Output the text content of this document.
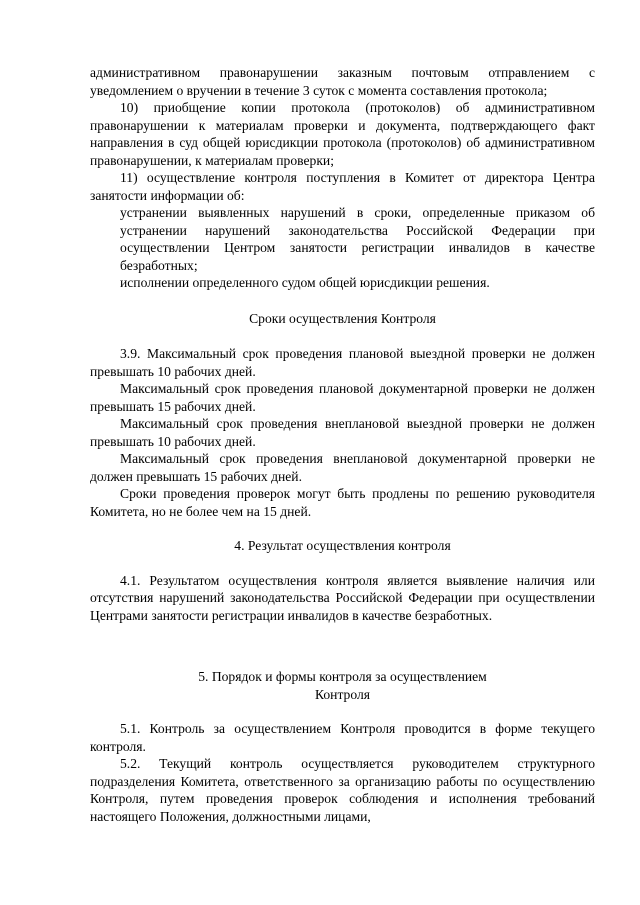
административном правонарушении заказным почтовым отправлением с уведомлением о вручении в течение 3 суток с момента составления протокола;

10) приобщение копии протокола (протоколов) об административном правонарушении к материалам проверки и документа, подтверждающего факт направления в суд общей юрисдикции протокола (протоколов) об административном правонарушении, к материалам проверки;

11) осуществление контроля поступления в Комитет от директора Центра занятости информации об:

устранении выявленных нарушений в сроки, определенные приказом об устранении нарушений законодательства Российской Федерации при осуществлении Центром занятости регистрации инвалидов в качестве безработных;

исполнении определенного судом общей юрисдикции решения.

Сроки осуществления Контроля

3.9. Максимальный срок проведения плановой выездной проверки не должен превышать 10 рабочих дней.

Максимальный срок проведения плановой документарной проверки не должен превышать 15 рабочих дней.

Максимальный срок проведения внеплановой выездной проверки не должен превышать 10 рабочих дней.

Максимальный срок проведения внеплановой документарной проверки не должен превышать 15 рабочих дней.

Сроки проведения проверок могут быть продлены по решению руководителя Комитета, но не более чем на 15 дней.

4. Результат осуществления контроля

4.1. Результатом осуществления контроля является выявление наличия или отсутствия нарушений законодательства Российской Федерации при осуществлении Центрами занятости регистрации инвалидов в качестве безработных.

5. Порядок и формы контроля за осуществлением
Контроля

5.1. Контроль за осуществлением Контроля проводится в форме текущего контроля.

5.2. Текущий контроль осуществляется руководителем структурного подразделения Комитета, ответственного за организацию работы по осуществлению Контроля, путем проведения проверок соблюдения и исполнения требований настоящего Положения, должностными лицами,
